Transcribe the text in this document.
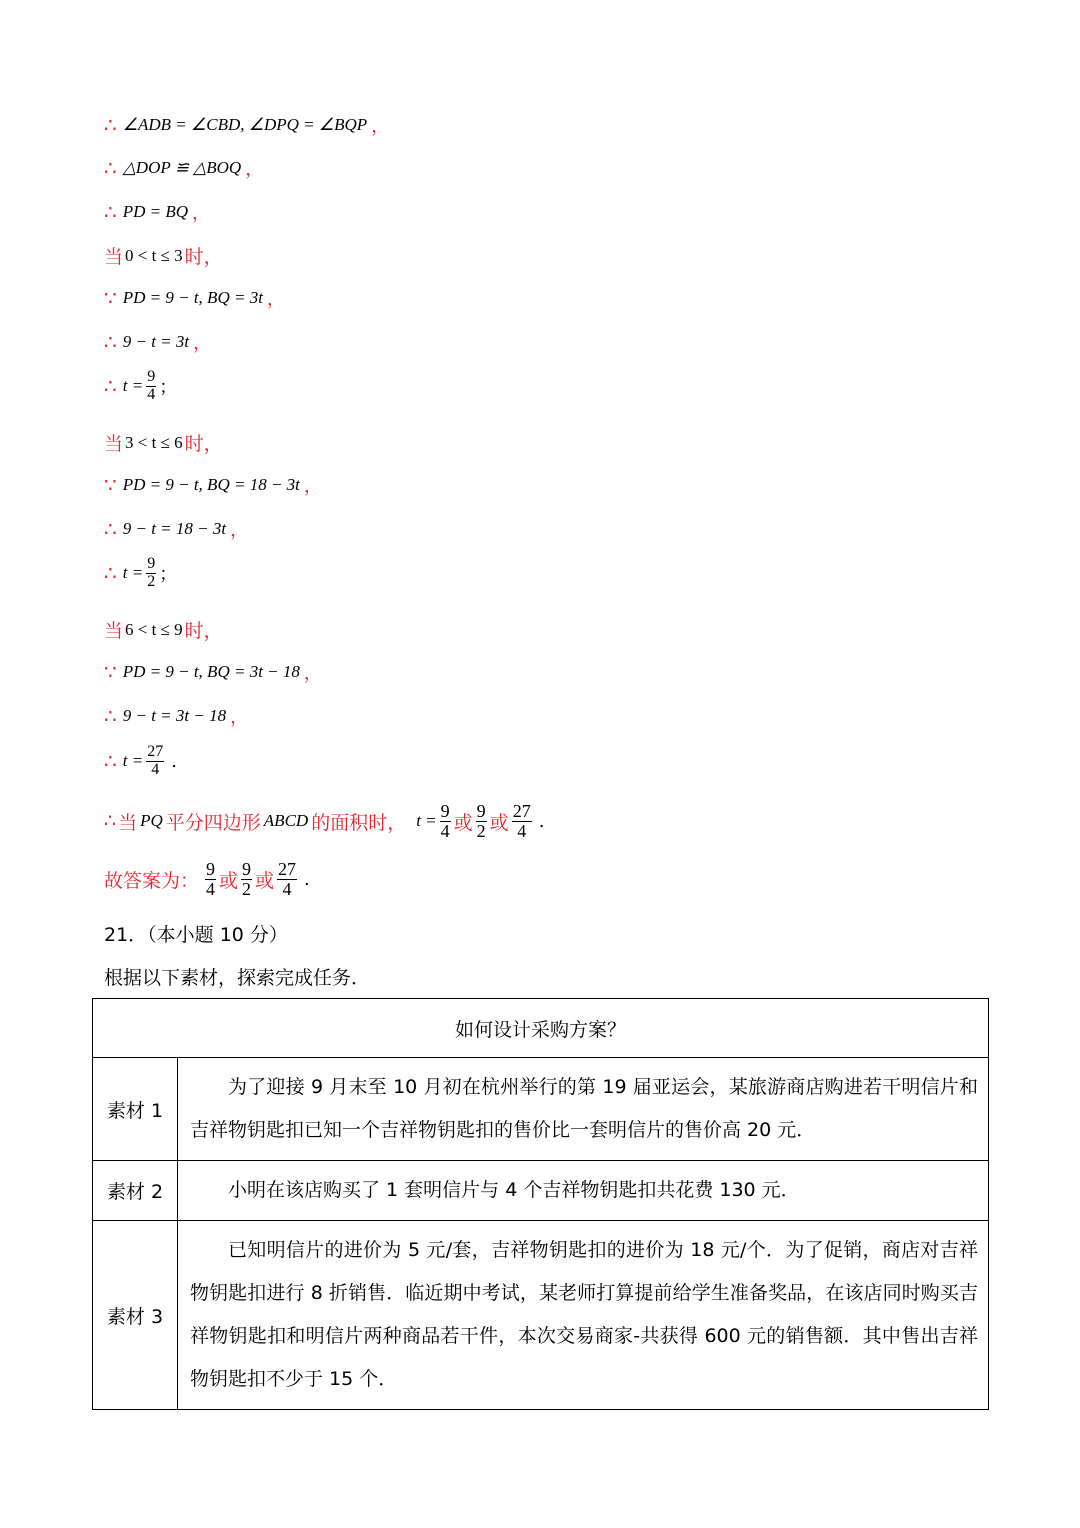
∴ ∠ADB = ∠CBD, ∠DPQ = ∠BQP ，
∴ △DOP ≌ △BOQ ，
∴ PD = BQ ，
当 0 < t ≤ 3 时，
∵ PD = 9 − t, BQ = 3t ，
∴ 9 − t = 3t ，
∴ $t = \frac{9}{4}$ ；
当 3 < t ≤ 6 时，
∵ PD = 9 − t, BQ = 18 − 3t ，
∴ 9 − t = 18 − 3t ，
∴ $t = \frac{9}{2}$ ；
当 6 < t ≤ 9 时，
∵ PD = 9 − t, BQ = 3t − 18 ，
∴ 9 − t = 3t − 18 ，
∴ $t = \frac{27}{4}$ .
∴ 当 PQ 平分四边形 ABCD 的面积时， $t = \frac{9}{4}$ 或 $\frac{9}{2}$ 或 $\frac{27}{4}$ .
故答案为： $\frac{9}{4}$ 或 $\frac{9}{2}$ 或 $\frac{27}{4}$ .
21．（本小题 10 分）
根据以下素材，探索完成任务．
如何设计采购方案？	
素材 1	为了迎接 9 月末至 10 月初在杭州举行的第 19 届亚运会，某旅游商店购进若干明信片和吉祥物钥匙扣已知一个吉祥物钥匙扣的售价比一套明信片的售价高 20 元．
素材 2	小明在该店购买了 1 套明信片与 4 个吉祥物钥匙扣共花费 130 元．
素材 3	已知明信片的进价为 5 元/套，吉祥物钥匙扣的进价为 18 元/个．为了促销，商店对吉祥物钥匙扣进行 8 折销售．临近期中考试，某老师打算提前给学生准备奖品，在该店同时购买吉祥物钥匙扣和明信片两种商品若干件，本次交易商家-共获得 600 元的销售额．其中售出吉祥物钥匙扣不少于 15 个．
